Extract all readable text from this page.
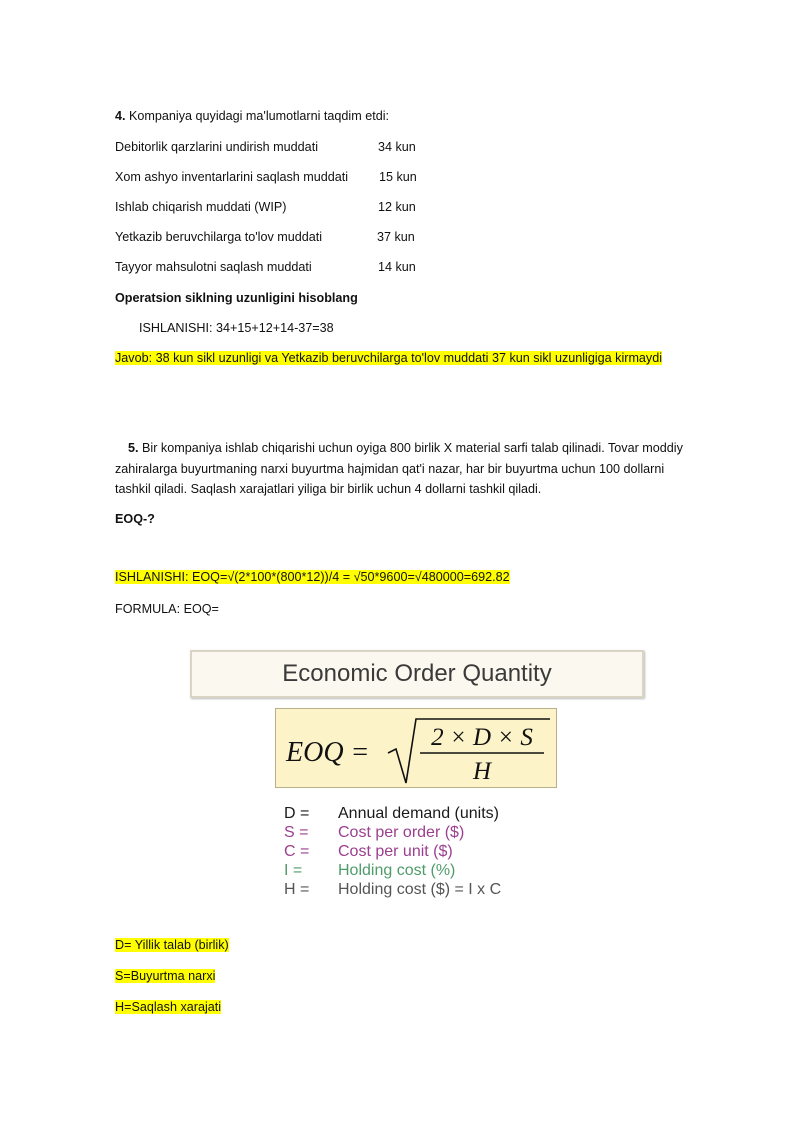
4. Kompaniya quyidagi ma'lumotlarni taqdim etdi:
Debitorlik qarzlarini undirish muddati	34 kun
Xom ashyo inventarlarini saqlash muddati 15 kun
Ishlab chiqarish muddati (WIP)	12 kun
Yetkazib beruvchilarga to'lov muddati	37 kun
Tayyor mahsulotni saqlash muddati	14 kun
Operatsion siklning uzunligini hisoblang
ISHLANISHI: 34+15+12+14-37=38
Javob: 38 kun sikl uzunligi va Yetkazib beruvchilarga to'lov muddati 37 kun sikl uzunligiga kirmaydi
5. Bir kompaniya ishlab chiqarishi uchun oyiga 800 birlik X material sarfi talab qilinadi. Tovar moddiy
zahiralarga buyurtmaning narxi buyurtma hajmidan qat'i nazar, har bir buyurtma uchun 100 dollarni
tashkil qiladi. Saqlash xarajatlari yiliga bir birlik uchun 4 dollarni tashkil qiladi.
EOQ-?
ISHLANISHI: EOQ=√(2*100*(800*12))/4 = √50*9600=√480000=692.82
FORMULA: EOQ=
Economic Order Quantity
EOQ = 2 × D × S
H
D =	Annual demand (units)
S =	Cost per order ($)
C =	Cost per unit ($)
I =	Holding cost (%)
H =	Holding cost ($) = I x C
D= Yillik talab (birlik)
S=Buyurtma narxi
H=Saqlash xarajati
